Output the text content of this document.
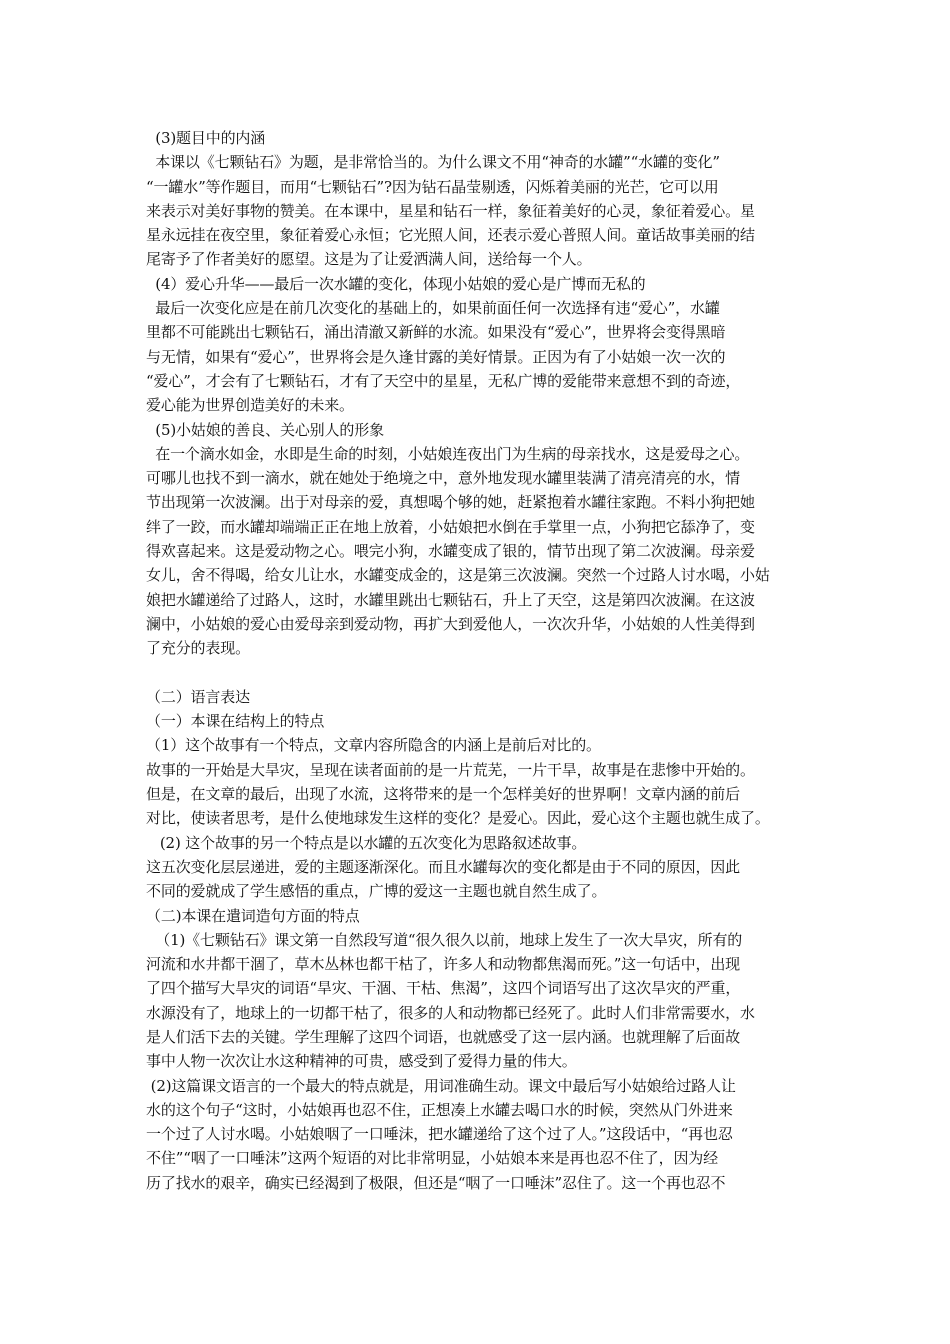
(3)题目中的内涵
本课以《七颗钻石》为题，是非常恰当的。为什么课文不用“神奇的水罐”“水罐的变化”
“一罐水”等作题目，而用“七颗钻石”?因为钻石晶莹剔透，闪烁着美丽的光芒，它可以用
来表示对美好事物的赞美。在本课中，星星和钻石一样，象征着美好的心灵，象征着爱心。星
星永远挂在夜空里，象征着爱心永恒；它光照人间，还表示爱心普照人间。童话故事美丽的结
尾寄予了作者美好的愿望。这是为了让爱洒满人间，送给每一个人。
(4）爱心升华——最后一次水罐的变化，体现小姑娘的爱心是广博而无私的
最后一次变化应是在前几次变化的基础上的，如果前面任何一次选择有违“爱心”，水罐
里都不可能跳出七颗钻石，涌出清澈又新鲜的水流。如果没有“爱心”，世界将会变得黑暗
与无情，如果有“爱心”，世界将会是久逢甘露的美好情景。正因为有了小姑娘一次一次的
“爱心”，才会有了七颗钻石，才有了天空中的星星，无私广博的爱能带来意想不到的奇迹，
爱心能为世界创造美好的未来。
(5)小姑娘的善良、关心别人的形象
在一个滴水如金，水即是生命的时刻，小姑娘连夜出门为生病的母亲找水，这是爱母之心。
可哪儿也找不到一滴水，就在她处于绝境之中，意外地发现水罐里装满了清亮清亮的水，情
节出现第一次波澜。出于对母亲的爱，真想喝个够的她，赶紧抱着水罐往家跑。不料小狗把她
绊了一跤，而水罐却端端正正在地上放着，小姑娘把水倒在手掌里一点，小狗把它舔净了，变
得欢喜起来。这是爱动物之心。喂完小狗，水罐变成了银的，情节出现了第二次波澜。母亲爱
女儿，舍不得喝，给女儿让水，水罐变成金的，这是第三次波澜。突然一个过路人讨水喝，小姑
娘把水罐递给了过路人，这时，水罐里跳出七颗钻石，升上了天空，这是第四次波澜。在这波
澜中，小姑娘的爱心由爱母亲到爱动物，再扩大到爱他人，一次次升华，小姑娘的人性美得到
了充分的表现。
（二）语言表达
（一）本课在结构上的特点
（1）这个故事有一个特点，文章内容所隐含的内涵上是前后对比的。
故事的一开始是大旱灾，呈现在读者面前的是一片荒芜，一片干旱，故事是在悲惨中开始的。
但是，在文章的最后，出现了水流，这将带来的是一个怎样美好的世界啊！文章内涵的前后
对比，使读者思考，是什么使地球发生这样的变化？是爱心。因此，爱心这个主题也就生成了。
(2) 这个故事的另一个特点是以水罐的五次变化为思路叙述故事。
这五次变化层层递进，爱的主题逐渐深化。而且水罐每次的变化都是由于不同的原因，因此
不同的爱就成了学生感悟的重点，广博的爱这一主题也就自然生成了。
（二)本课在遣词造句方面的特点
（1)《七颗钻石》课文第一自然段写道“很久很久以前，地球上发生了一次大旱灾，所有的
河流和水井都干涸了，草木丛林也都干枯了，许多人和动物都焦渴而死。”这一句话中，出现
了四个描写大旱灾的词语“旱灾、干涸、干枯、焦渴”，这四个词语写出了这次旱灾的严重，
水源没有了，地球上的一切都干枯了，很多的人和动物都已经死了。此时人们非常需要水，水
是人们活下去的关键。学生理解了这四个词语，也就感受了这一层内涵。也就理解了后面故
事中人物一次次让水这种精神的可贵，感受到了爱得力量的伟大。
(2)这篇课文语言的一个最大的特点就是，用词准确生动。课文中最后写小姑娘给过路人让
水的这个句子“这时，小姑娘再也忍不住，正想凑上水罐去喝口水的时候，突然从门外进来
一个过了人讨水喝。小姑娘咽了一口唾沫，把水罐递给了这个过了人。”这段话中，“再也忍
不住”“咽了一口唾沫”这两个短语的对比非常明显，小姑娘本来是再也忍不住了，因为经
历了找水的艰辛，确实已经渴到了极限，但还是“咽了一口唾沫”忍住了。这一个再也忍不
